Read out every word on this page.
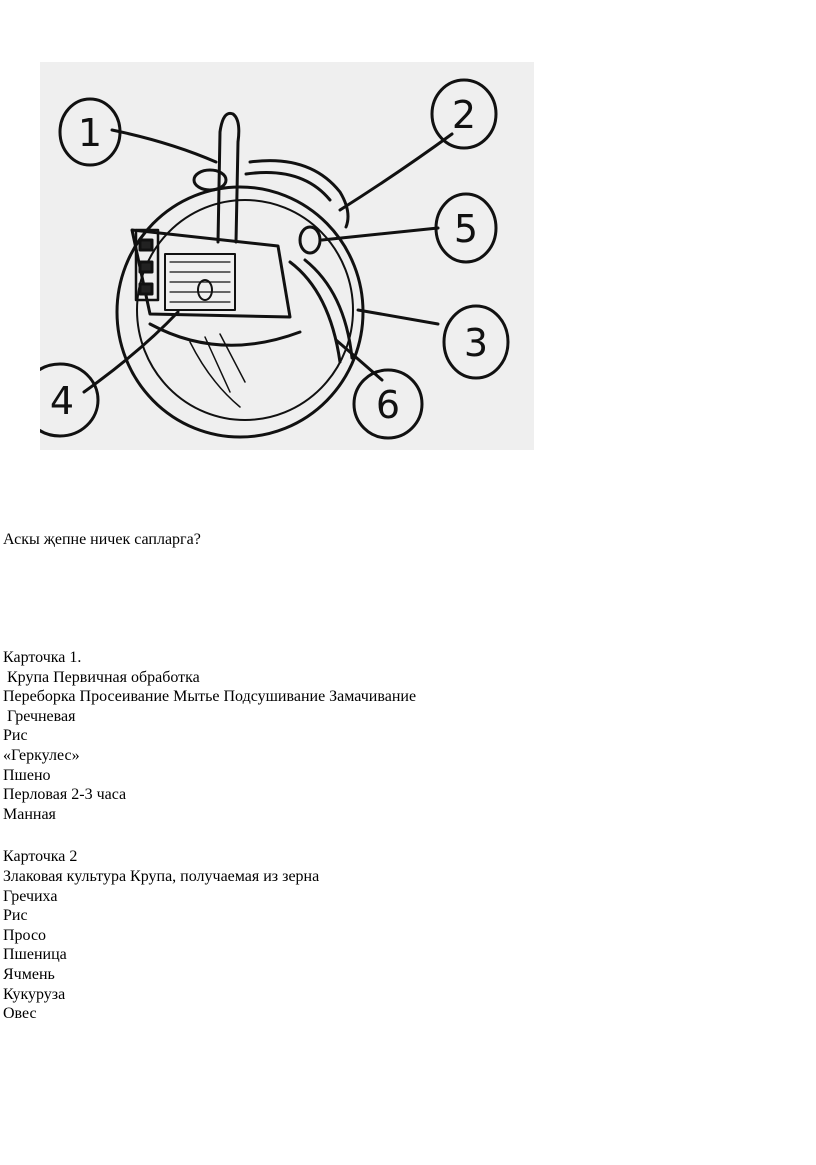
1	2
5
3
6
4

Аскы җепне ничек сапларга?

Карточка 1.

Крупа Первичная обработка
Переборка Просеивание Мытье Подсушивание Замачивание
Гречневая
Рис
«Геркулес»
Пшено
Перловая 2-3 часа
Манная

Карточка 2

Злаковая культура Крупа, получаемая из зерна
Гречиха
Рис
Просо
Пшеница
Ячмень
Кукуруза
Овес
